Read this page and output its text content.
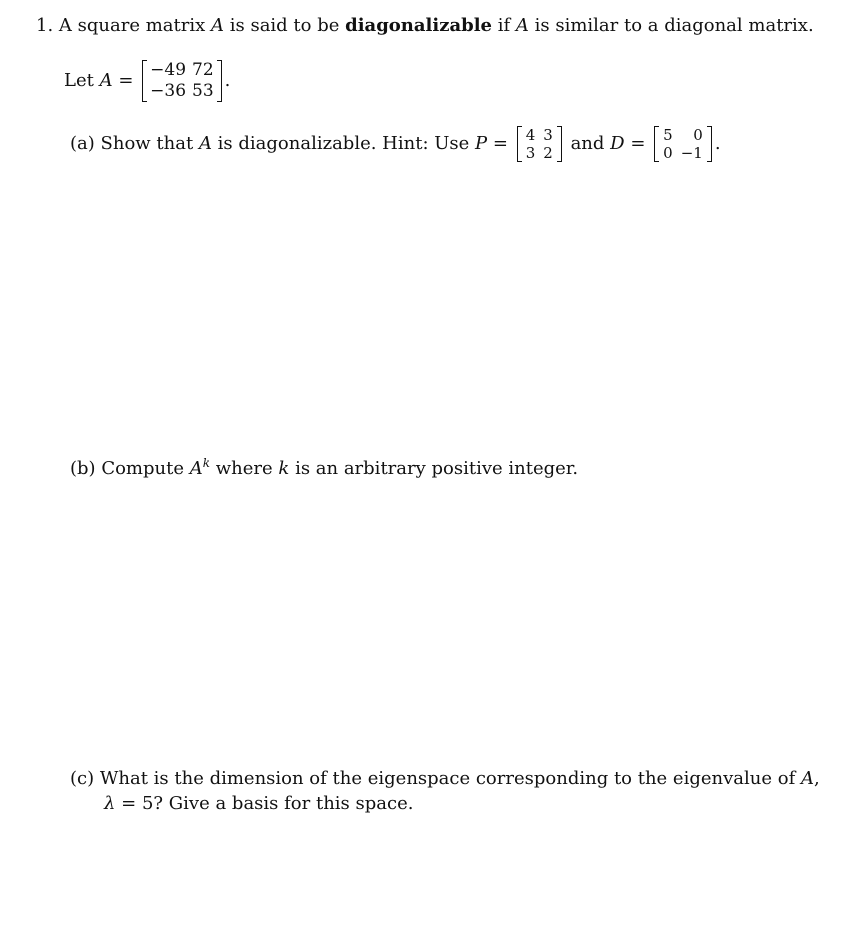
1. A square matrix A is said to be diagonalizable if A is similar to a diagonal matrix.
Let A = −49	72
−36	53 .
(a) Show that A is diagonalizable. Hint: Use P = 4	3
3	2 and D = 5	0
0	−1 .
(b) Compute $A^k$ where k is an arbitrary positive integer.
(c) What is the dimension of the eigenspace corresponding to the eigenvalue of A,
λ = 5? Give a basis for this space.
